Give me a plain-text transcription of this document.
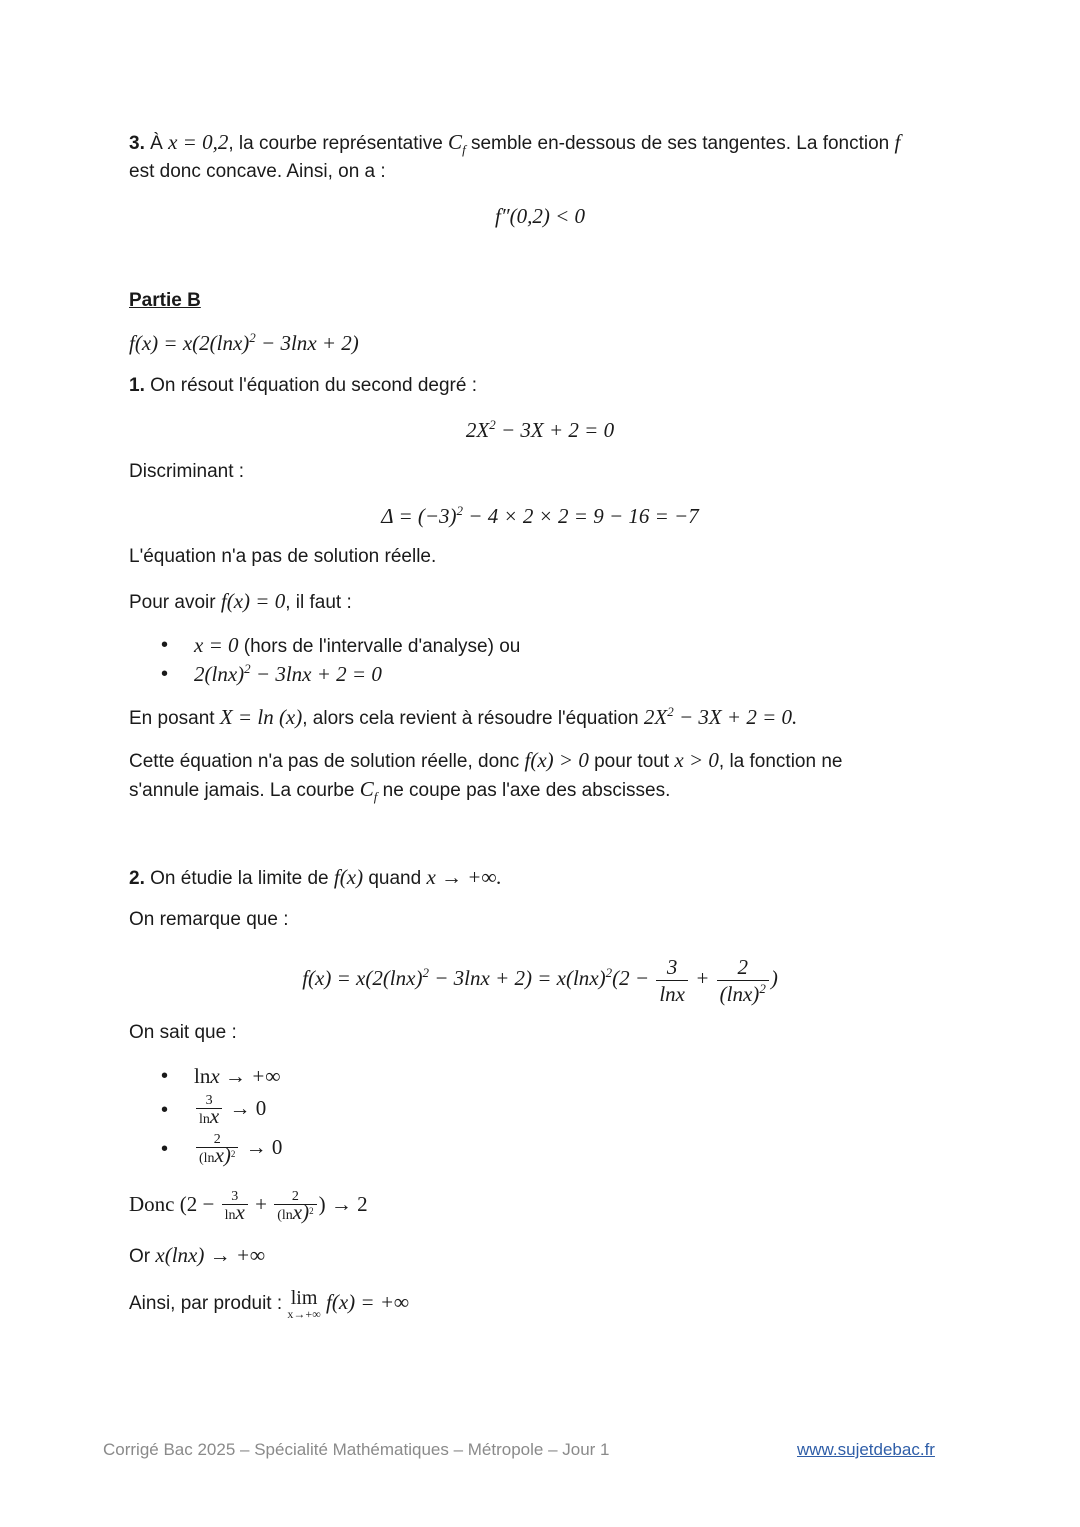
3. À x = 0,2, la courbe représentative $C_f$ semble en-dessous de ses tangentes. La fonction f
est donc concave. Ainsi, on a :
f″(0,2) < 0
Partie B
$f(x) = x(2(\ln x)^2 - 3\ln x + 2)$
1. On résout l'équation du second degré :
$2X^2 - 3X + 2 = 0$
Discriminant :
$\Delta = (-3)^2 - 4 \times 2 \times 2 = 9 - 16 = -7$
L'équation n'a pas de solution réelle.
Pour avoir f(x) = 0, il faut :
• x = 0 (hors de l'intervalle d'analyse) ou
• $2(\ln x)^2 - 3\ln x + 2 = 0$
En posant X = ln (x), alors cela revient à résoudre l'équation $2X^2 - 3X + 2 = 0$.
Cette équation n'a pas de solution réelle, donc f(x) > 0 pour tout x > 0, la fonction ne
s'annule jamais. La courbe $C_f$ ne coupe pas l'axe des abscisses.
2. On étudie la limite de f(x) quand x → +∞.
On remarque que :
$f(x) = x(2(\ln x)^2 - 3\ln x + 2) = x(\ln x)^2(2 - \frac{3}{\ln x} + \frac{2}{(\ln x)^2}$ )
On sait que :
• lnx → +∞
• $\frac{3}{\ln x} \to 0$
• $\frac{2}{(\ln x)^2} \to 0$
Donc ($2 - \frac{3}{\ln x} + \frac{2}{(\ln x)^2}$ ) → 2
Or x(lnx) → +∞
Ainsi, par produit : lim
x→+∞ f(x) = +∞
Corrigé Bac 2025 – Spécialité Mathématiques – Métropole – Jour 1	www.sujetdebac.fr
